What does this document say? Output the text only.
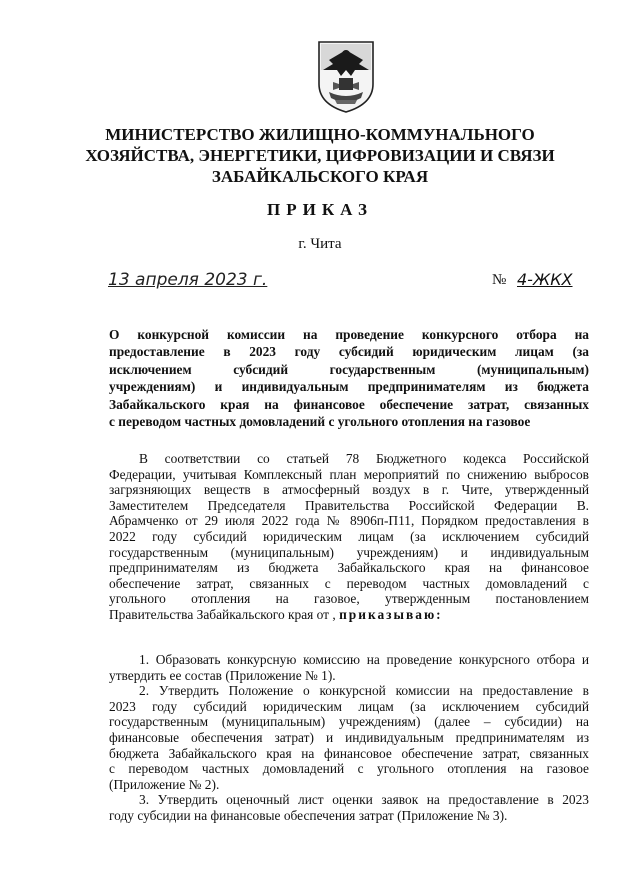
МИНИСТЕРСТВО ЖИЛИЩНО-КОММУНАЛЬНОГО
ХОЗЯЙСТВА, ЭНЕРГЕТИКИ, ЦИФРОВИЗАЦИИ И СВЯЗИ
ЗАБАЙКАЛЬСКОГО КРАЯ
ПРИКАЗ
г. Чита
13 апреля 2023 г.	№ 4-ЖКХ
О конкурсной комиссии на проведение конкурсного отбора на
предоставление в 2023 году субсидий юридическим лицам (за
исключением субсидий государственным (муниципальным)
учреждениям) и индивидуальным предпринимателям из бюджета
Забайкальского края на финансовое обеспечение затрат, связанных
с переводом частных домовладений с угольного отопления на газовое
В соответствии со статьей 78 Бюджетного кодекса Российской
Федерации, учитывая Комплексный план мероприятий по снижению выбросов
загрязняющих веществ в атмосферный воздух в г. Чите, утвержденный
Заместителем Председателя Правительства Российской Федерации В.
Абрамченко от 29 июля 2022 года № 8906п-П11, Порядком предоставления в
2022 году субсидий юридическим лицам (за исключением субсидий
государственным (муниципальным) учреждениям) и индивидуальным
предпринимателям из бюджета Забайкальского края на финансовое
обеспечение затрат, связанных с переводом частных домовладений с
угольного отопления на газовое, утвержденным постановлением
Правительства Забайкальского края от , приказываю:
1. Образовать конкурсную комиссию на проведение конкурсного отбора и
утвердить ее состав (Приложение № 1).
2. Утвердить Положение о конкурсной комиссии на предоставление в
2023 году субсидий юридическим лицам (за исключением субсидий
государственным (муниципальным) учреждениям) (далее – субсидии) на
финансовые обеспечения затрат) и индивидуальным предпринимателям из
бюджета Забайкальского края на финансовое обеспечение затрат, связанных
с переводом частных домовладений с угольного отопления на газовое
(Приложение № 2).
3. Утвердить оценочный лист оценки заявок на предоставление в 2023
году субсидии на финансовые обеспечения затрат (Приложение № 3).
